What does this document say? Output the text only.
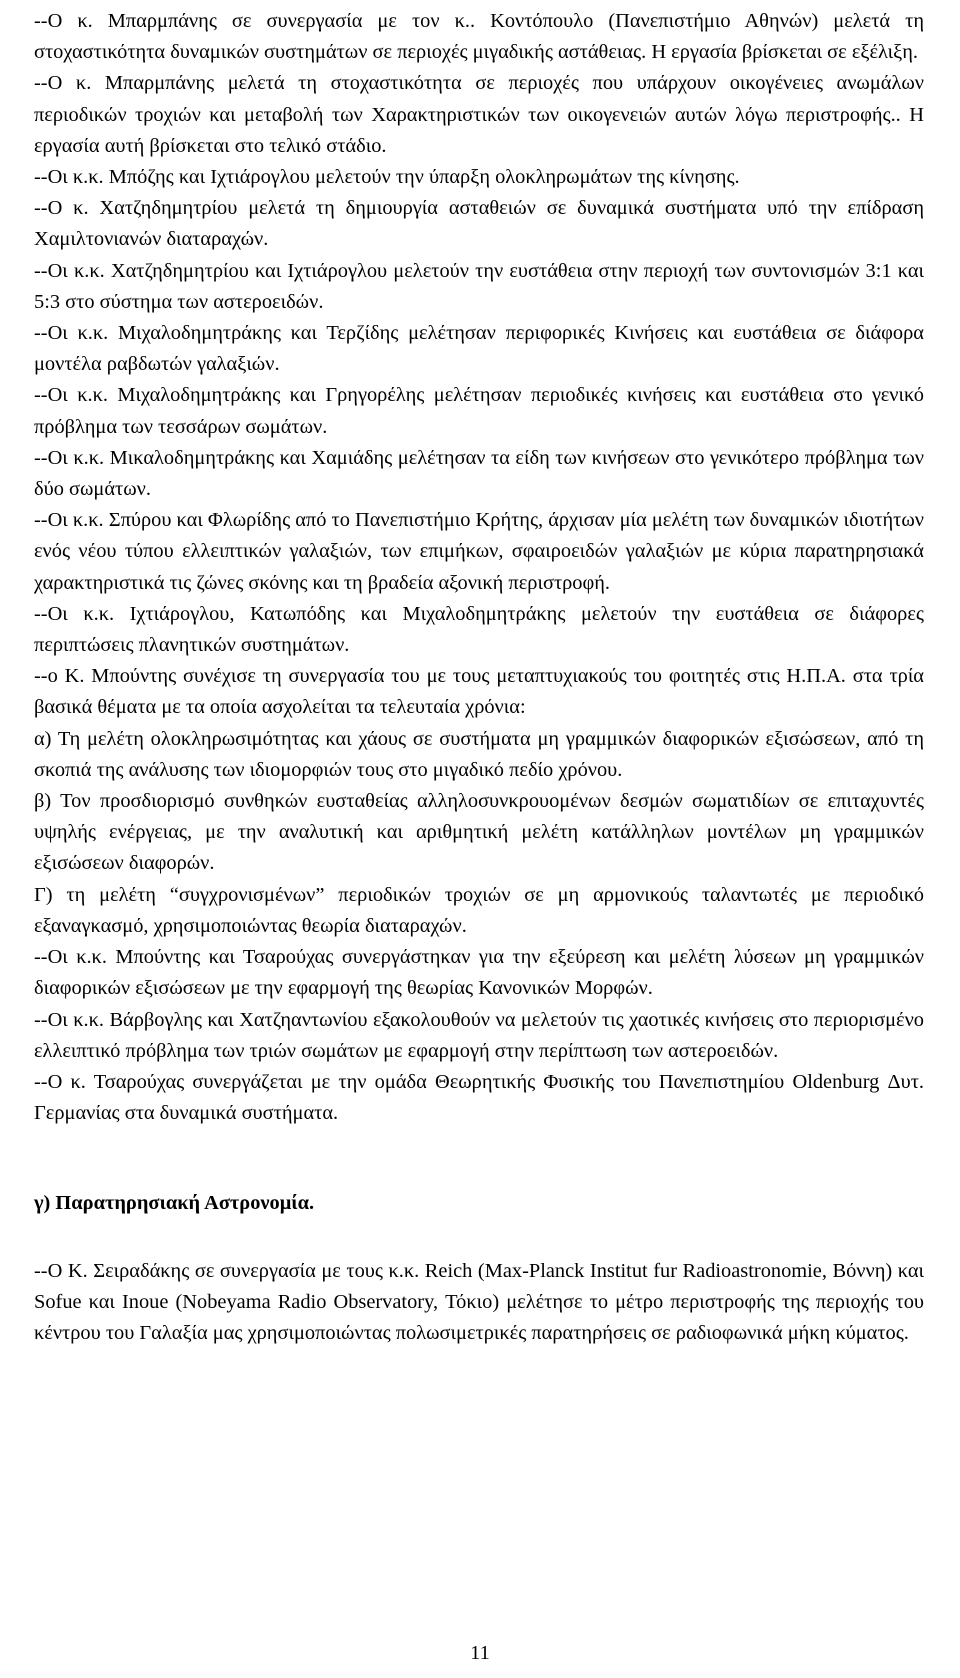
--Ο κ. Μπαρμπάνης σε συνεργασία με τον κ.. Κοντόπουλο (Πανεπιστήμιο Αθηνών) μελετά τη στοχαστικότητα δυναμικών συστημάτων σε περιοχές μιγαδικής αστάθειας. Η εργασία βρίσκεται σε εξέλιξη.

--Ο κ. Μπαρμπάνης μελετά τη στοχαστικότητα σε περιοχές που υπάρχουν οικογένειες ανωμάλων περιοδικών τροχιών και μεταβολή των Χαρακτηριστικών των οικογενειών αυτών λόγω περιστροφής.. Η εργασία αυτή βρίσκεται στο τελικό στάδιο.

--Οι κ.κ. Μπόζης και Ιχτιάρογλου μελετούν την ύπαρξη ολοκληρωμάτων της κίνησης.

--Ο κ. Χατζηδημητρίου μελετά τη δημιουργία ασταθειών σε δυναμικά συστήματα υπό την επίδραση Χαμιλτονιανών διαταραχών.

--Οι κ.κ. Χατζηδημητρίου και Ιχτιάρογλου μελετούν την ευστάθεια στην περιοχή των συντονισμών 3:1 και 5:3 στο σύστημα των αστεροειδών.

--Οι κ.κ. Μιχαλοδημητράκης και Τερζίδης μελέτησαν περιφορικές Κινήσεις και ευστάθεια σε διάφορα μοντέλα ραβδωτών γαλαξιών.

--Οι κ.κ. Μιχαλοδημητράκης και Γρηγορέλης μελέτησαν περιοδικές κινήσεις και ευστάθεια στο γενικό πρόβλημα των τεσσάρων σωμάτων.

--Οι κ.κ. Μικαλοδημητράκης και Χαμιάδης μελέτησαν τα είδη των κινήσεων στο γενικότερο πρόβλημα των δύο σωμάτων.

--Οι κ.κ. Σπύρου και Φλωρίδης από το Πανεπιστήμιο Κρήτης, άρχισαν μία μελέτη των δυναμικών ιδιοτήτων ενός νέου τύπου ελλειπτικών γαλαξιών, των επιμήκων, σφαιροειδών γαλαξιών με κύρια παρατηρησιακά χαρακτηριστικά τις ζώνες σκόνης και τη βραδεία αξονική περιστροφή.

--Οι κ.κ. Ιχτιάρογλου, Κατωπόδης και Μιχαλοδημητράκης μελετούν την ευστάθεια σε διάφορες περιπτώσεις πλανητικών συστημάτων.

--ο Κ. Μπούντης συνέχισε τη συνεργασία του με τους μεταπτυχιακούς του φοιτητές στις Η.Π.Α. στα τρία βασικά θέματα με τα οποία ασχολείται τα τελευταία χρόνια:

α) Τη μελέτη ολοκληρωσιμότητας και χάους σε συστήματα μη γραμμικών διαφορικών εξισώσεων, από τη σκοπιά της ανάλυσης των ιδιομορφιών τους στο μιγαδικό πεδίο χρόνου.

β) Τον προσδιορισμό συνθηκών ευσταθείας αλληλοσυνκρουομένων δεσμών σωματιδίων σε επιταχυντές υψηλής ενέργειας, με την αναλυτική και αριθμητική μελέτη κατάλληλων μοντέλων μη γραμμικών εξισώσεων διαφορών.

Γ) τη μελέτη “συγχρονισμένων” περιοδικών τροχιών σε μη αρμονικούς ταλαντωτές με περιοδικό εξαναγκασμό, χρησιμοποιώντας θεωρία διαταραχών.

--Οι κ.κ. Μπούντης και Τσαρούχας συνεργάστηκαν για την εξεύρεση και μελέτη λύσεων μη γραμμικών διαφορικών εξισώσεων με την εφαρμογή της θεωρίας Κανονικών Μορφών.

--Οι κ.κ. Βάρβογλης και Χατζηαντωνίου εξακολουθούν να μελετούν τις χαοτικές κινήσεις στο περιορισμένο ελλειπτικό πρόβλημα των τριών σωμάτων με εφαρμογή στην περίπτωση των αστεροειδών.

--Ο κ. Τσαρούχας συνεργάζεται με την ομάδα Θεωρητικής Φυσικής του Πανεπιστημίου Oldenburg Δυτ. Γερμανίας στα δυναμικά συστήματα.

γ) Παρατηρησιακή Αστρονομία.

--Ο Κ. Σειραδάκης σε συνεργασία με τους κ.κ. Reich (Max-Planck Institut fur Radioastronomie, Βόννη) και Sofue και Inoue (Nobeyama Radio Observatory, Τόκιο) μελέτησε το μέτρο περιστροφής της περιοχής του κέντρου του Γαλαξία μας χρησιμοποιώντας πολωσιμετρικές παρατηρήσεις σε ραδιοφωνικά μήκη κύματος.

11
